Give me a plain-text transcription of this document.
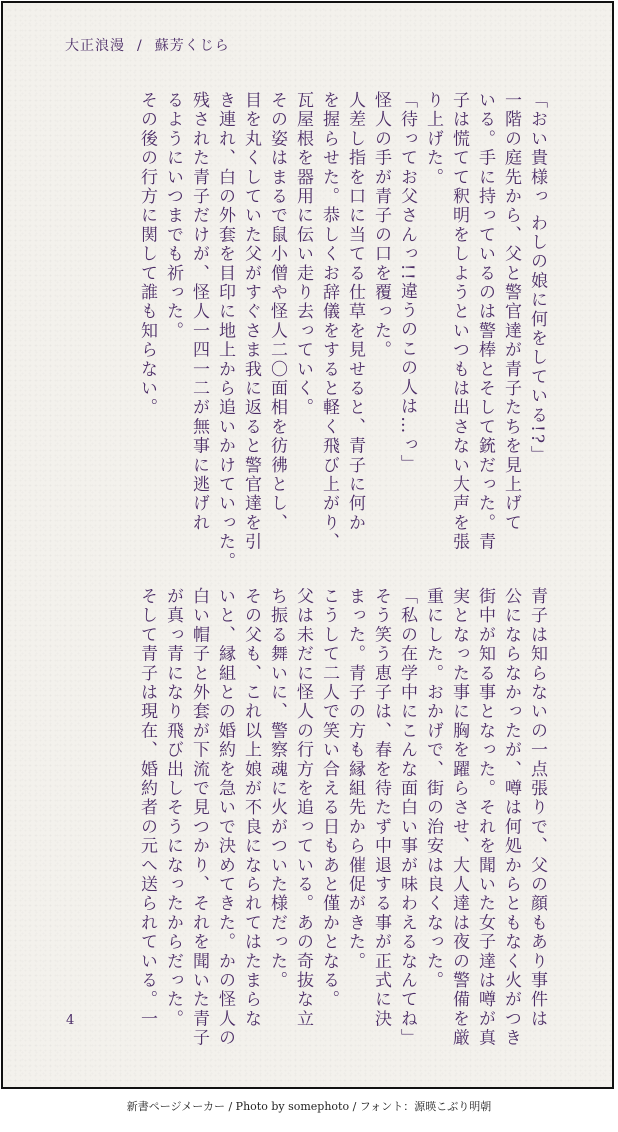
大正浪漫 / 蘇芳くじら

「おい貴様っ わしの娘に何をしている!?」

一階の庭先から、父と警官達が青子たちを見上げて

いる。手に持っているのは警棒とそして銃だった。青

子は慌てて釈明をしようといつもは出さない大声を張

り上げた。

「待ってお父さんっ!!違うのこの人は…っ」

怪人の手が青子の口を覆った。

人差し指を口に当てる仕草を見せると、青子に何か

を握らせた。恭しくお辞儀をすると軽く飛び上がり、

瓦屋根を器用に伝い走り去っていく。

その姿はまるで鼠小僧や怪人二〇面相を彷彿とし、

目を丸くしていた父がすぐさま我に返ると警官達を引

き連れ、白の外套を目印に地上から追いかけていった。

残された青子だけが、怪人一四一二が無事に逃げれ

るようにいつまでも祈った。

その後の行方に関して誰も知らない。

青子は知らないの一点張りで、父の顔もあり事件は

公にならなかったが、噂は何処からともなく火がつき

街中が知る事となった。それを聞いた女子達は噂が真

実となった事に胸を躍らさせ、大人達は夜の警備を厳

重にした。おかげで、街の治安は良くなった。

「私の在学中にこんな面白い事が味わえるなんてね」

そう笑う恵子は、春を待たず中退する事が正式に決

まった。青子の方も縁組先から催促がきた。

こうして二人で笑い合える日もあと僅かとなる。

父は未だに怪人の行方を追っている。あの奇抜な立

ち振る舞いに、警察魂に火がついた様だった。

その父も、これ以上娘が不良になられてはたまらな

いと、縁組との婚約を急いで決めてきた。かの怪人の

白い帽子と外套が下流で見つかり、それを聞いた青子

が真っ青になり飛び出しそうになったからだった。

そして青子は現在、婚約者の元へ送られている。一

4
新書ページメーカー / Photo by somephoto / フォント：源暎こぶり明朝
